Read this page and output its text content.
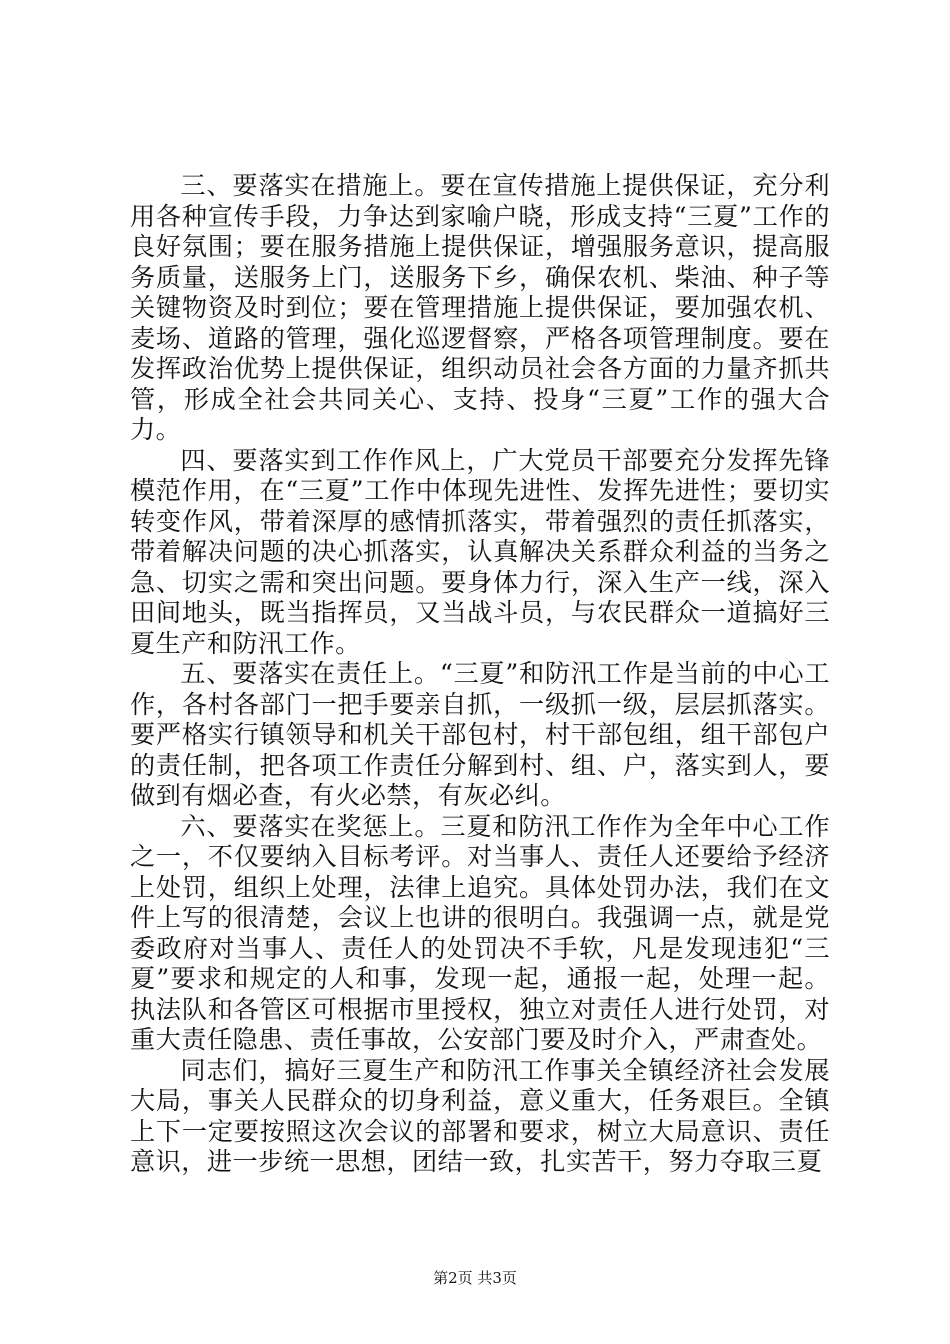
三、要落实在措施上。要在宣传措施上提供保证，充分利用各种宣传手段，力争达到家喻户晓，形成支持“三夏”工作的良好氛围；要在服务措施上提供保证，增强服务意识，提高服务质量，送服务上门，送服务下乡，确保农机、柴油、种子等关键物资及时到位；要在管理措施上提供保证，要加强农机、麦场、道路的管理，强化巡逻督察，严格各项管理制度。要在发挥政治优势上提供保证，组织动员社会各方面的力量齐抓共管，形成全社会共同关心、支持、投身“三夏”工作的强大合力。

四、要落实到工作作风上，广大党员干部要充分发挥先锋模范作用，在“三夏”工作中体现先进性、发挥先进性；要切实转变作风，带着深厚的感情抓落实，带着强烈的责任抓落实，带着解决问题的决心抓落实，认真解决关系群众利益的当务之急、切实之需和突出问题。要身体力行，深入生产一线，深入田间地头，既当指挥员，又当战斗员，与农民群众一道搞好三夏生产和防汛工作。

五、要落实在责任上。“三夏”和防汛工作是当前的中心工作，各村各部门一把手要亲自抓，一级抓一级，层层抓落实。要严格实行镇领导和机关干部包村，村干部包组，组干部包户的责任制，把各项工作责任分解到村、组、户，落实到人，要做到有烟必查，有火必禁，有灰必纠。

六、要落实在奖惩上。三夏和防汛工作作为全年中心工作之一，不仅要纳入目标考评。对当事人、责任人还要给予经济上处罚，组织上处理，法律上追究。具体处罚办法，我们在文件上写的很清楚，会议上也讲的很明白。我强调一点，就是党委政府对当事人、责任人的处罚决不手软，凡是发现违犯“三夏”要求和规定的人和事，发现一起，通报一起，处理一起。执法队和各管区可根据市里授权，独立对责任人进行处罚，对重大责任隐患、责任事故，公安部门要及时介入，严肃查处。

同志们，搞好三夏生产和防汛工作事关全镇经济社会发展大局，事关人民群众的切身利益，意义重大，任务艰巨。全镇上下一定要按照这次会议的部署和要求，树立大局意识、责任意识，进一步统一思想，团结一致，扎实苦干，努力夺取三夏

第2页 共3页
